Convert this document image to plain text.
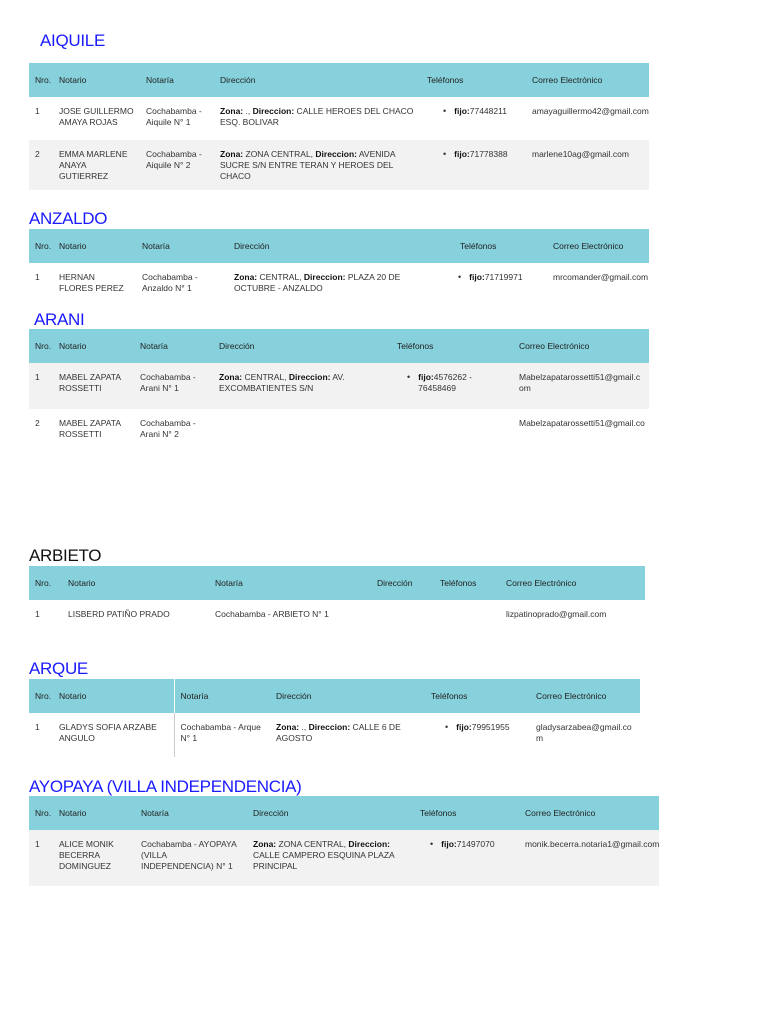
AIQUILE
Nro.	Notario	Notaría	Dirección	Teléfonos	Correo Electrónico
1	JOSE GUILLERMO AMAYA ROJAS	Cochabamba - Aiquile N° 1	Zona: ., Direccion: CALLE HEROES DEL CHACO ESQ. BOLIVAR	• fijo:77448211	amayaguillermo42@gmail.com
2	EMMA MARLENE ANAYA GUTIERREZ	Cochabamba - Aiquile N° 2	Zona: ZONA CENTRAL, Direccion: AVENIDA SUCRE S/N ENTRE TERAN Y HEROES DEL CHACO	• fijo:71778388	marlene10ag@gmail.com
ANZALDO
Nro.	Notario	Notaría	Dirección	Teléfonos	Correo Electrónico
1	HERNAN FLORES PEREZ	Cochabamba - Anzaldo N° 1	Zona: CENTRAL, Direccion: PLAZA 20 DE OCTUBRE - ANZALDO	• fijo:71719971	mrcomander@gmail.com
ARANI
Nro.	Notario	Notaría	Dirección	Teléfonos	Correo Electrónico
1	MABEL ZAPATA ROSSETTI	Cochabamba - Arani N° 1	Zona: CENTRAL, Direccion: AV. EXCOMBATIENTES S/N	• fijo:4576262 - 76458469	Mabelzapatarossetti51@gmail.com
2	MABEL ZAPATA ROSSETTI	Cochabamba - Arani N° 2			Mabelzapatarossetti51@gmail.co
ARBIETO
Nro.	Notario	Notaría	Dirección	Teléfonos	Correo Electrónico
1	LISBERD PATIÑO PRADO	Cochabamba - ARBIETO N° 1			lizpatinoprado@gmail.com
ARQUE
Nro.	Notario	Notaría	Dirección	Teléfonos	Correo Electrónico
1	GLADYS SOFIA ARZABE ANGULO	Cochabamba - Arque N° 1	Zona: ., Direccion: CALLE 6 DE AGOSTO	• fijo:79951955	gladysarzabea@gmail.com
AYOPAYA (VILLA INDEPENDENCIA)
Nro.	Notario	Notaría	Dirección	Teléfonos	Correo Electrónico
1	ALICE MONIK BECERRA DOMINGUEZ	Cochabamba - AYOPAYA (VILLA INDEPENDENCIA) N° 1	Zona: ZONA CENTRAL, Direccion: CALLE CAMPERO ESQUINA PLAZA PRINCIPAL	• fijo:71497070	monik.becerra.notaria1@gmail.com
